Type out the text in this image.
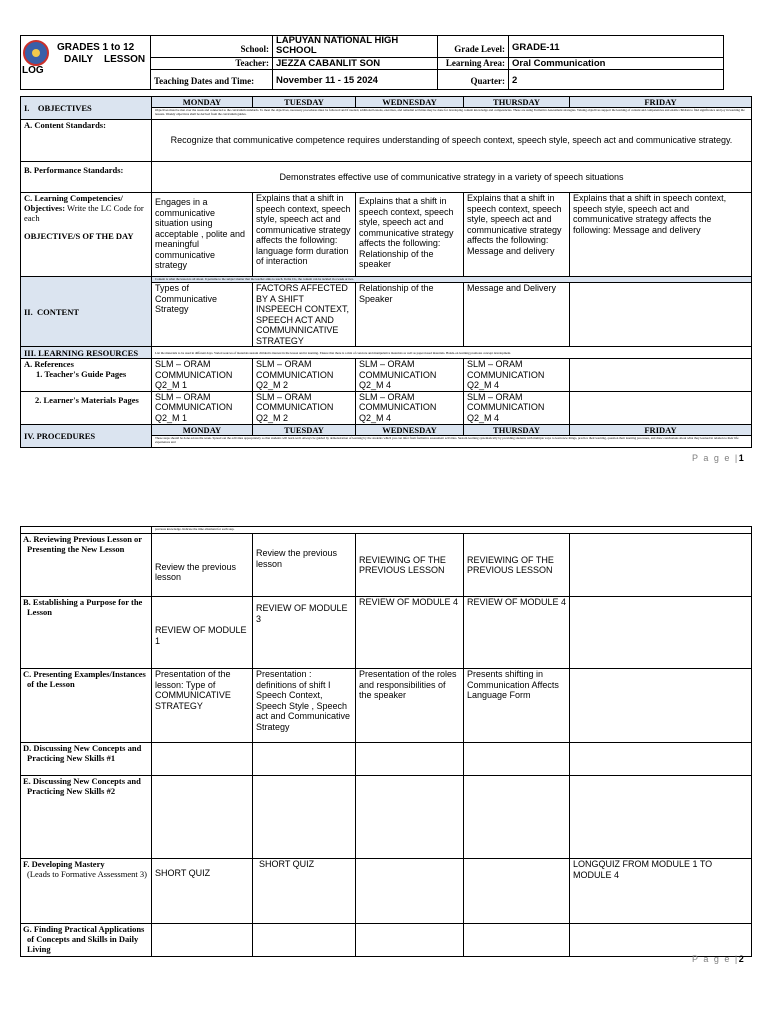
GRADES 1 to 12
DAILY    LESSON
LOG	School:	LAPUYAN NATIONAL HIGH SCHOOL	Grade Level:	GRADE-11
	Teacher:	JEZZA CABANLIT SON	Learning Area:	Oral Communication
	Teaching Dates and Time:	November 11 - 15 2024	Quarter:	2
I.    OBJECTIVES	MONDAY	TUESDAY	WEDNESDAY	THURSDAY	FRIDAY
	Objectives must be met over the week and connected to the curriculum standards. To meet the objectives, necessary procedures must be followed and if needed, additional lessons, exercises, and remedial activities may be done for developing content knowledge and competencies. These are using Formative Assessment strategies. Valuing objectives support the learning of content and competencies and enable children to find significance and joy in learning the lessons. Weekly objectives shall be derived from the curriculum guides.				
A. Content Standards:	Recognize that communicative competence requires understanding of speech context, speech style, speech act and communicative strategy.				
B. Performance Standards:	Demonstrates effective use of communicative strategy in a variety of speech situations				
C. Learning Competencies/ Objectives: Write the LC Code for each
OBJECTIVE/S OF THE DAY	Engages in a communicative situation using acceptable , polite and meaningful communicative strategy	Explains that a shift in speech context, speech style, speech act and communicative strategy affects the following: language form duration of interaction	Explains that a shift in speech context, speech style, speech act and communicative strategy affects the following: Relationship of the speaker	Explains that a shift in speech context, speech style, speech act and communicative strategy affects the following: Message and delivery	Explains that a shift in speech context, speech style, speech act and communicative strategy affects the following: Message and delivery
II.  CONTENT	Content is what the lesson is all about. It pertains to the subject matter that the teacher aims to teach. In the CG, the content can be tackled in a week or two.				
	Types of Communicative Strategy	FACTORS AFFECTED BY A SHIFT INSPEECH CONTEXT, SPEECH ACT AND COMMUNNICATIVE STRATEGY	Relationship of the Speaker	Message and Delivery	
III. LEARNING RESOURCES	List the materials to be used in different days. Varied sources of materials sustain children's interest in the lesson and in learning. Ensure that there is a mix of concrete and manipulative materials as well as paper-based materials. Hands-on learning promotes concept development.				

A. References
1. Teacher's Guide Pages	SLM – ORAM COMMUNICATION Q2_M 1	SLM – ORAM COMMUNICATION Q2_M 2	SLM – ORAM COMMUNICATION Q2_M 4	SLM – ORAM COMMUNICATION Q2_M 4	
2. Learner's Materials Pages	SLM – ORAM COMMUNICATION Q2_M 1	SLM – ORAM COMMUNICATION Q2_M 2	SLM – ORAM COMMUNICATION Q2_M 4	SLM – ORAM COMMUNICATION Q2_M 4	
IV. PROCEDURES	MONDAY	TUESDAY	WEDNESDAY	THURSDAY	FRIDAY
	These steps should be done across the week. Spread out the activities appropriately so that students will learn well. Always be guided by demonstration of learning by the students which you can infer from formative assessment activities. Sustain learning systematically by providing students with multiple ways to learn new things, practice their learning, question their learning processes, and draw conclusions about what they learned in relation to their life experiences and				
P a g e |1
	previous knowledge. Indicate the time allotment for each step.				
A. Reviewing Previous Lesson or Presenting the New Lesson	Review the previous lesson	Review the previous lesson	REVIEWING OF THE PREVIOUS LESSON	REVIEWING OF THE PREVIOUS LESSON	
B. Establishing a Purpose for the Lesson	REVIEW OF MODULE 1	REVIEW OF MODULE 3	REVIEW OF MODULE 4	REVIEW OF MODULE 4	
C. Presenting Examples/Instances of the Lesson	Presentation of the lesson: Type of COMMUNICATIVE STRATEGY	Presentation : definitions of shift I Speech Context, Speech Style , Speech act and Communicative Strategy	Presentation of the roles and responsibilities of the speaker	Presents shifting in Communication Affects Language Form	
D. Discussing New Concepts and Practicing New Skills #1					
E. Discussing New Concepts and Practicing New Skills #2					

F. Developing Mastery
(Leads to Formative Assessment 3)	SHORT QUIZ	SHORT QUIZ			LONGQUIZ FROM MODULE 1 TO MODULE 4
G. Finding Practical Applications of Concepts and Skills in Daily Living					
P a g e |2
